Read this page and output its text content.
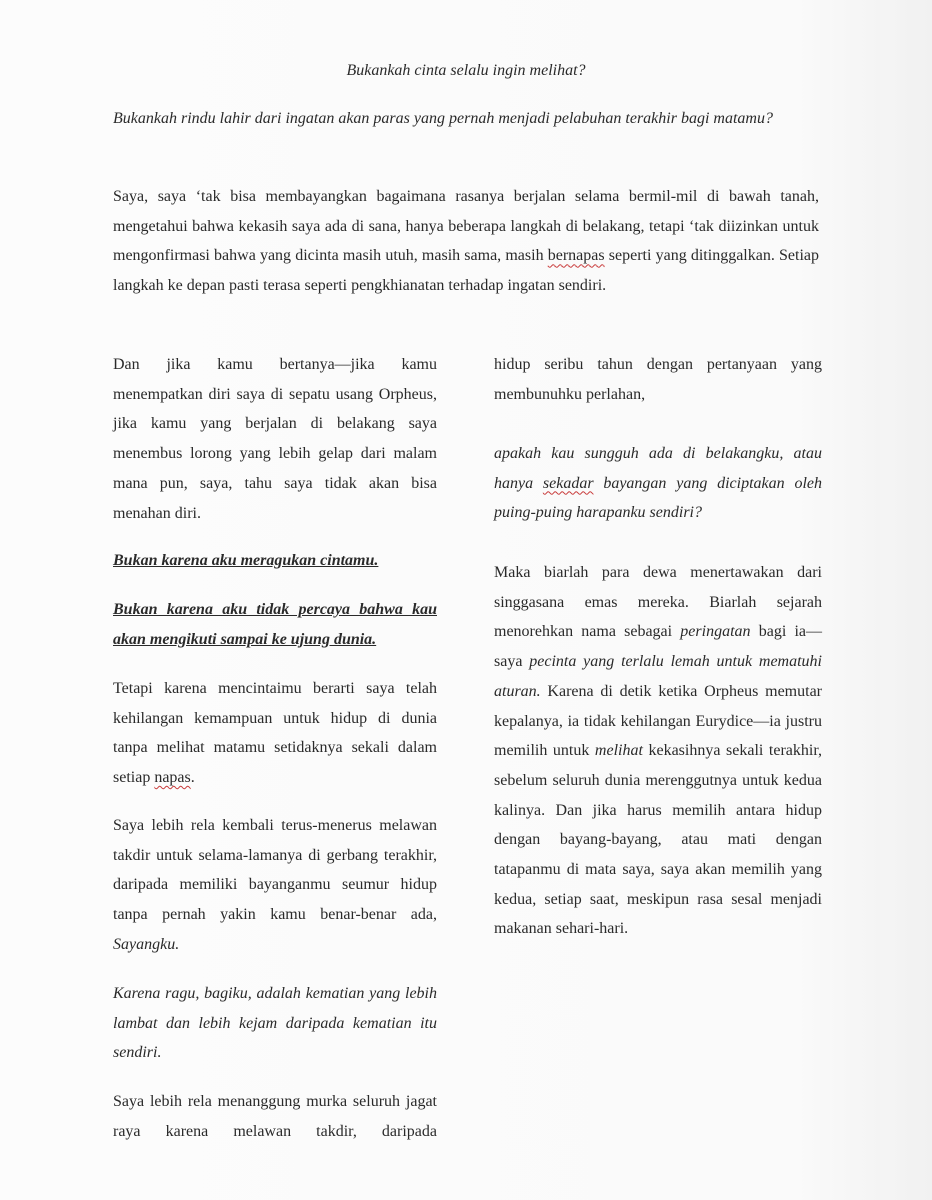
Bukankah cinta selalu ingin melihat?

Bukankah rindu lahir dari ingatan akan paras yang pernah menjadi pelabuhan terakhir bagi matamu?

Saya, saya ‘tak bisa membayangkan bagaimana rasanya berjalan selama bermil-mil di bawah tanah, mengetahui bahwa kekasih saya ada di sana, hanya beberapa langkah di belakang, tetapi ‘tak diizinkan untuk mengonfirmasi bahwa yang dicinta masih utuh, masih sama, masih bernapas seperti yang ditinggalkan. Setiap langkah ke depan pasti terasa seperti pengkhianatan terhadap ingatan sendiri.

Dan jika kamu bertanya—jika kamu menempatkan diri saya di sepatu usang Orpheus, jika kamu yang berjalan di belakang saya menembus lorong yang lebih gelap dari malam mana pun, saya, tahu saya tidak akan bisa menahan diri.

Bukan karena aku meragukan cintamu.

Bukan karena aku tidak percaya bahwa kau akan mengikuti sampai ke ujung dunia.

Tetapi karena mencintaimu berarti saya telah kehilangan kemampuan untuk hidup di dunia tanpa melihat matamu setidaknya sekali dalam setiap napas.

Saya lebih rela kembali terus-menerus melawan takdir untuk selama-lamanya di gerbang terakhir, daripada memiliki bayanganmu seumur hidup tanpa pernah yakin kamu benar-benar ada, Sayangku.

Karena ragu, bagiku, adalah kematian yang lebih lambat dan lebih kejam daripada kematian itu sendiri.

Saya lebih rela menanggung murka seluruh jagat raya karena melawan takdir, daripada

hidup seribu tahun dengan pertanyaan yang membunuhku perlahan,

apakah kau sungguh ada di belakangku, atau hanya sekadar bayangan yang diciptakan oleh puing-puing harapanku sendiri?

Maka biarlah para dewa menertawakan dari singgasana emas mereka. Biarlah sejarah menorehkan nama sebagai peringatan bagi ia—saya pecinta yang terlalu lemah untuk mematuhi aturan. Karena di detik ketika Orpheus memutar kepalanya, ia tidak kehilangan Eurydice—ia justru memilih untuk melihat kekasihnya sekali terakhir, sebelum seluruh dunia merenggutnya untuk kedua kalinya. Dan jika harus memilih antara hidup dengan bayang-bayang, atau mati dengan tatapanmu di mata saya, saya akan memilih yang kedua, setiap saat, meskipun rasa sesal menjadi makanan sehari-hari.
